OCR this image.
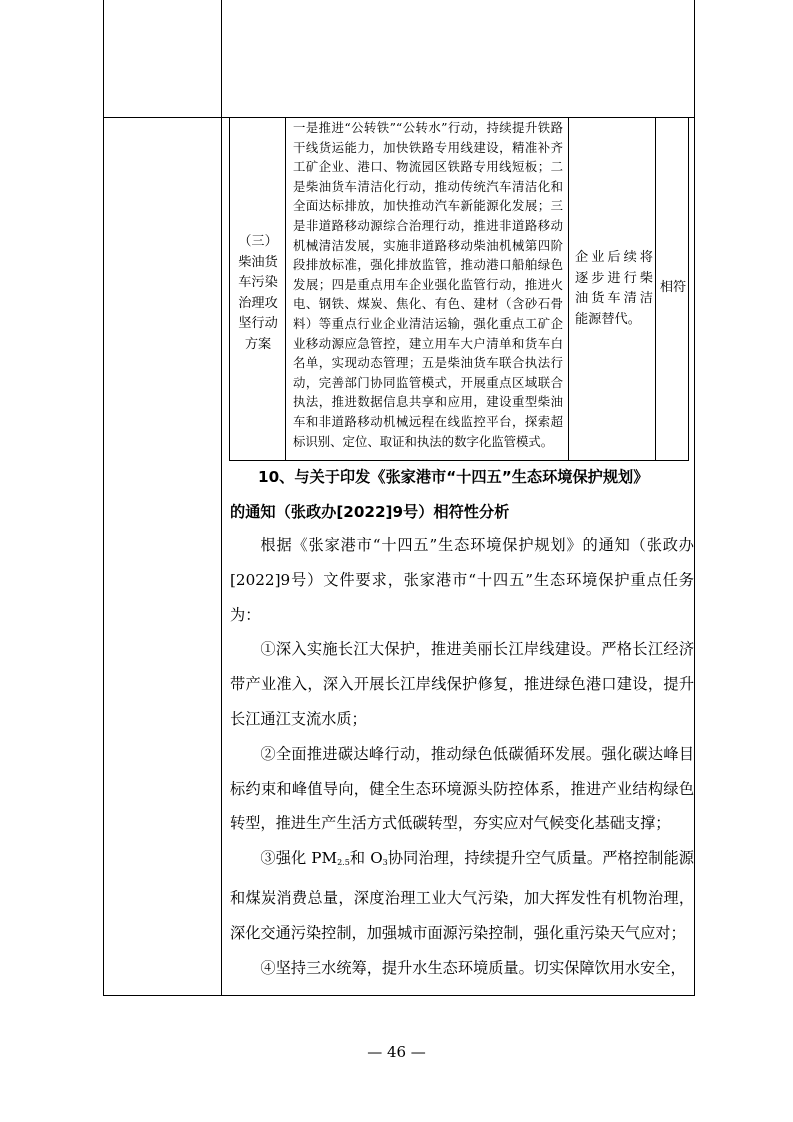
（三）柴油货车污染治理攻坚行动方案
一是推进“公转铁”“公转水”行动，持续提升铁路干线货运能力，加快铁路专用线建设，精准补齐工矿企业、港口、物流园区铁路专用线短板；二是柴油货车清洁化行动，推动传统汽车清洁化和全面达标排放，加快推动汽车新能源化发展；三是非道路移动源综合治理行动，推进非道路移动机械清洁发展，实施非道路移动柴油机械第四阶段排放标准，强化排放监管，推动港口船舶绿色发展；四是重点用车企业强化监管行动，推进火电、钢铁、煤炭、焦化、有色、建材（含砂石骨料）等重点行业企业清洁运输，强化重点工矿企业移动源应急管控，建立用车大户清单和货车白名单，实现动态管理；五是柴油货车联合执法行动，完善部门协同监管模式，开展重点区域联合执法，推进数据信息共享和应用，建设重型柴油车和非道路移动机械远程在线监控平台，探索超标识别、定位、取证和执法的数字化监管模式。
企业后续将逐步进行柴油货车清洁能源替代。
相符
10、与关于印发《张家港市“十四五”生态环境保护规划》
的通知（张政办[2022]9号）相符性分析

根据《张家港市“十四五”生态环境保护规划》的通知（张政办[2022]9号）文件要求，张家港市“十四五”生态环境保护重点任务为：

①深入实施长江大保护，推进美丽长江岸线建设。严格长江经济带产业准入，深入开展长江岸线保护修复，推进绿色港口建设，提升长江通江支流水质；

②全面推进碳达峰行动，推动绿色低碳循环发展。强化碳达峰目标约束和峰值导向，健全生态环境源头防控体系，推进产业结构绿色转型，推进生产生活方式低碳转型，夯实应对气候变化基础支撑；

③强化 $PM_{2.5}$和 $O_3$协同治理，持续提升空气质量。严格控制能源和煤炭消费总量，深度治理工业大气污染，加大挥发性有机物治理，深化交通污染控制，加强城市面源污染控制，强化重污染天气应对；

④坚持三水统筹，提升水生态环境质量。切实保障饮用水安全，

— 46 —
